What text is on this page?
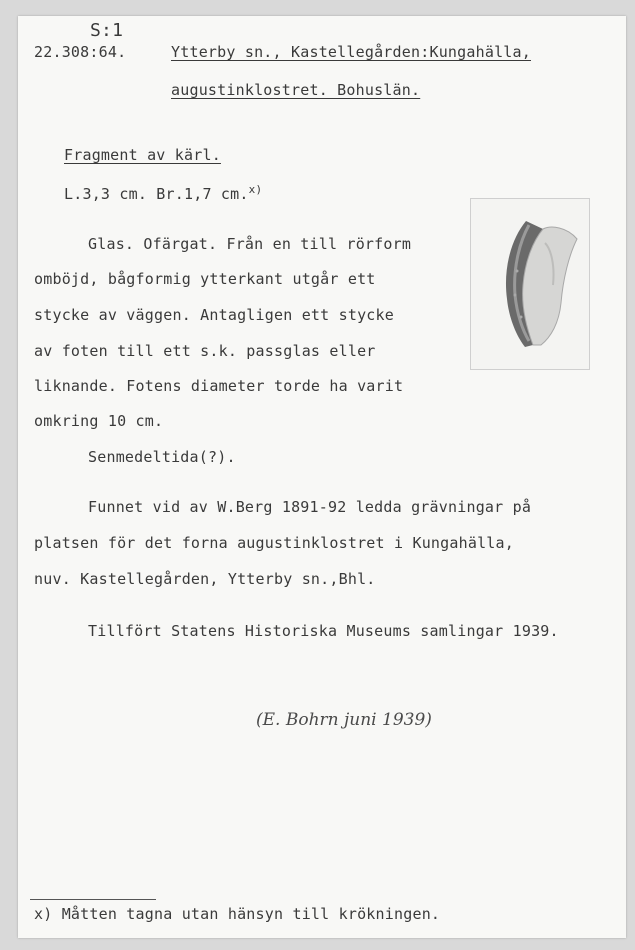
S:1
22.308:64.	Ytterby sn., Kastellegården:Kungahälla,
augustinklostret. Bohuslän.
Fragment av kärl.
L.3,3 cm. Br.1,7 cm.$^{x)}$
Glas. Ofärgat. Från en till rörform
omböjd, bågformig ytterkant utgår ett
stycke av väggen. Antagligen ett stycke
av foten till ett s.k. passglas eller
liknande. Fotens diameter torde ha varit
omkring 10 cm.
Senmedeltida(?).
Funnet vid av W.Berg 1891-92 ledda grävningar på
platsen för det forna augustinklostret i Kungahälla,
nuv. Kastellegården, Ytterby sn.,Bhl.
Tillfört Statens Historiska Museums samlingar 1939.
(E. Bohrn juni 1939)
x) Måtten tagna utan hänsyn till krökningen.
